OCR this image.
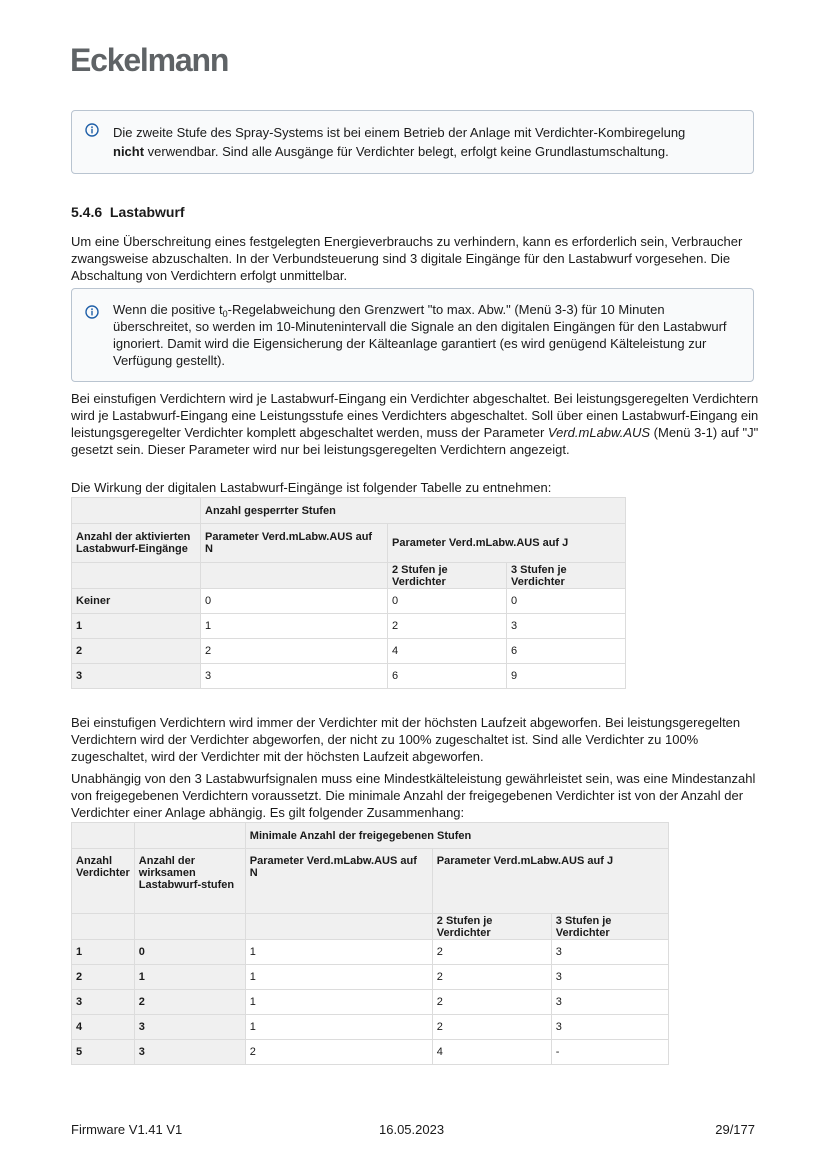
Eckelmann
Die zweite Stufe des Spray-Systems ist bei einem Betrieb der Anlage mit Verdichter-Kombiregelung
nicht verwendbar. Sind alle Ausgänge für Verdichter belegt, erfolgt keine Grundlastumschaltung.
5.4.6 Lastabwurf

Um eine Überschreitung eines festgelegten Energieverbrauchs zu verhindern, kann es erforderlich sein, Verbraucher zwangsweise abzuschalten. In der Verbundsteuerung sind 3 digitale Eingänge für den Lastabwurf vorgesehen. Die Abschaltung von Verdichtern erfolgt unmittelbar.

Wenn die positive $t_0$-Regelabweichung den Grenzwert "to max. Abw." (Menü 3-3) für 10 Minuten überschreitet, so werden im 10-Minutenintervall die Signale an den digitalen Eingängen für den Lastabwurf ignoriert. Damit wird die Eigensicherung der Kälteanlage garantiert (es wird genügend Kälteleistung zur Verfügung gestellt).

Bei einstufigen Verdichtern wird je Lastabwurf-Eingang ein Verdichter abgeschaltet. Bei leistungsgeregelten Verdichtern wird je Lastabwurf-Eingang eine Leistungsstufe eines Verdichters abgeschaltet. Soll über einen Lastabwurf-Eingang ein leistungsgeregelter Verdichter komplett abgeschaltet werden, muss der Parameter Verd.mLabw.AUS (Menü 3-1) auf "J" gesetzt sein. Dieser Parameter wird nur bei leistungsgeregelten Verdichtern angezeigt.

Die Wirkung der digitalen Lastabwurf-Eingänge ist folgender Tabelle zu entnehmen:

	Anzahl gesperrter Stufen		
Anzahl der aktivierten Lastabwurf-Eingänge	Parameter Verd.mLabw.AUS auf N	Parameter Verd.mLabw.AUS auf J	
		2 Stufen je Verdichter	3 Stufen je Verdichter
Keiner	0	0	0
1	1	2	3
2	2	4	6
3	3	6	9

Bei einstufigen Verdichtern wird immer der Verdichter mit der höchsten Laufzeit abgeworfen. Bei leistungsgeregelten Verdichtern wird der Verdichter abgeworfen, der nicht zu 100% zugeschaltet ist. Sind alle Verdichter zu 100% zugeschaltet, wird der Verdichter mit der höchsten Laufzeit abgeworfen.

Unabhängig von den 3 Lastabwurfsignalen muss eine Mindestkälteleistung gewährleistet sein, was eine Mindestanzahl von freigegebenen Verdichtern voraussetzt. Die minimale Anzahl der freigegebenen Verdichter ist von der Anzahl der Verdichter einer Anlage abhängig. Es gilt folgender Zusammenhang:

		Minimale Anzahl der freigegebenen Stufen		
Anzahl Verdichter	Anzahl der wirksamen Lastabwurf-stufen	Parameter Verd.mLabw.AUS auf N	Parameter Verd.mLabw.AUS auf J	
			2 Stufen je Verdichter	3 Stufen je Verdichter
1	0	1	2	3
2	1	1	2	3
3	2	1	2	3
4	3	1	2	3
5	3	2	4	-
Firmware V1.41 V1	16.05.2023	29/177
